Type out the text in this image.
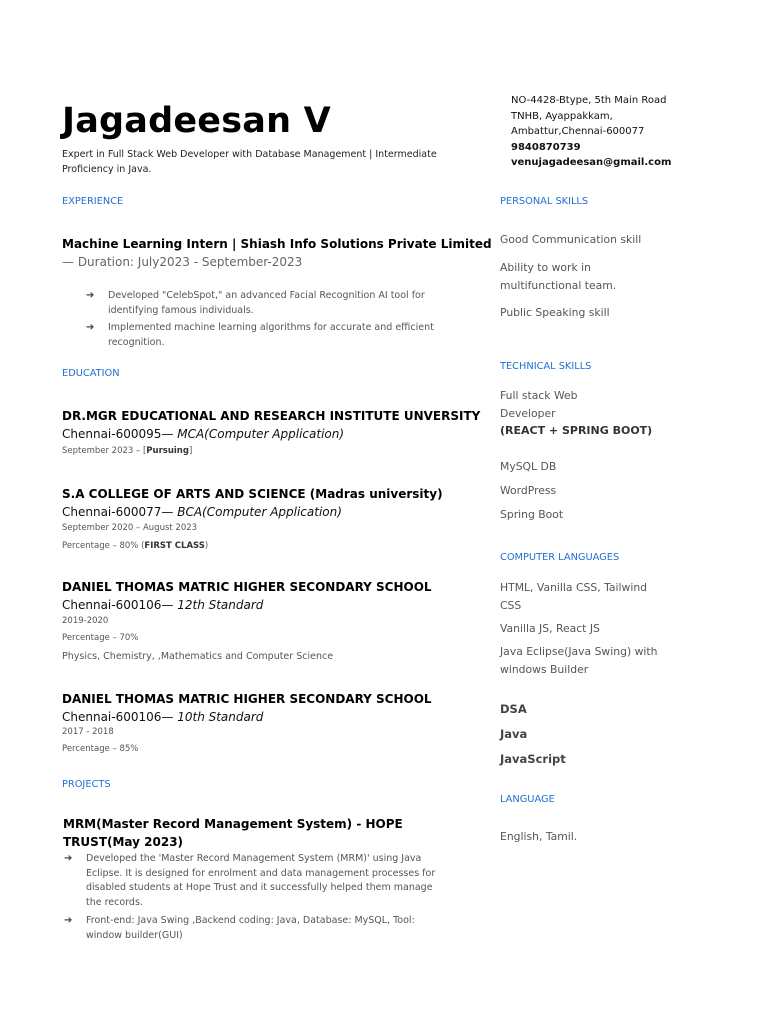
Jagadeesan V
Expert in Full Stack Web Developer with Database Management | Intermediate Proficiency in Java.
NO-4428-Btype, 5th Main Road
TNHB, Ayappakkam,
Ambattur,Chennai-600077
9840870739
venujagadeesan@gmail.com
EXPERIENCE
Machine Learning Intern | Shiash Info Solutions Private Limited
— Duration: July2023 - September-2023
➔ Developed "CelebSpot," an advanced Facial Recognition AI tool for identifying famous individuals.
➔ Implemented machine learning algorithms for accurate and efficient recognition.
EDUCATION
DR.MGR EDUCATIONAL AND RESEARCH INSTITUTE UNVERSITY
Chennai-600095— MCA(Computer Application)
September 2023 – [Pursuing]
S.A COLLEGE OF ARTS AND SCIENCE (Madras university)
Chennai-600077— BCA(Computer Application)
September 2020 – August 2023
Percentage – 80% (FIRST CLASS)
DANIEL THOMAS MATRIC HIGHER SECONDARY SCHOOL
Chennai-600106— 12th Standard
2019-2020
Percentage – 70%
Physics, Chemistry, ,Mathematics and Computer Science
DANIEL THOMAS MATRIC HIGHER SECONDARY SCHOOL
Chennai-600106— 10th Standard
2017 - 2018
Percentage – 85%
PROJECTS
MRM(Master Record Management System) - HOPE TRUST(May 2023)
➔ Developed the 'Master Record Management System (MRM)' using Java Eclipse. It is designed for enrolment and data management processes for disabled students at Hope Trust and it successfully helped them manage the records.
➔ Front-end: Java Swing ,Backend coding: Java, Database: MySQL, Tool: window builder(GUI)
PERSONAL SKILLS
Good Communication skill
Ability to work in multifunctional team.
Public Speaking skill
TECHNICAL SKILLS
Full stack Web
Developer
(REACT + SPRING BOOT)
MySQL DB
WordPress
Spring Boot
COMPUTER LANGUAGES
HTML, Vanilla CSS, Tailwind CSS
Vanilla JS, React JS
Java Eclipse(Java Swing) with windows Builder
DSA
Java
JavaScript
LANGUAGE
English, Tamil.
